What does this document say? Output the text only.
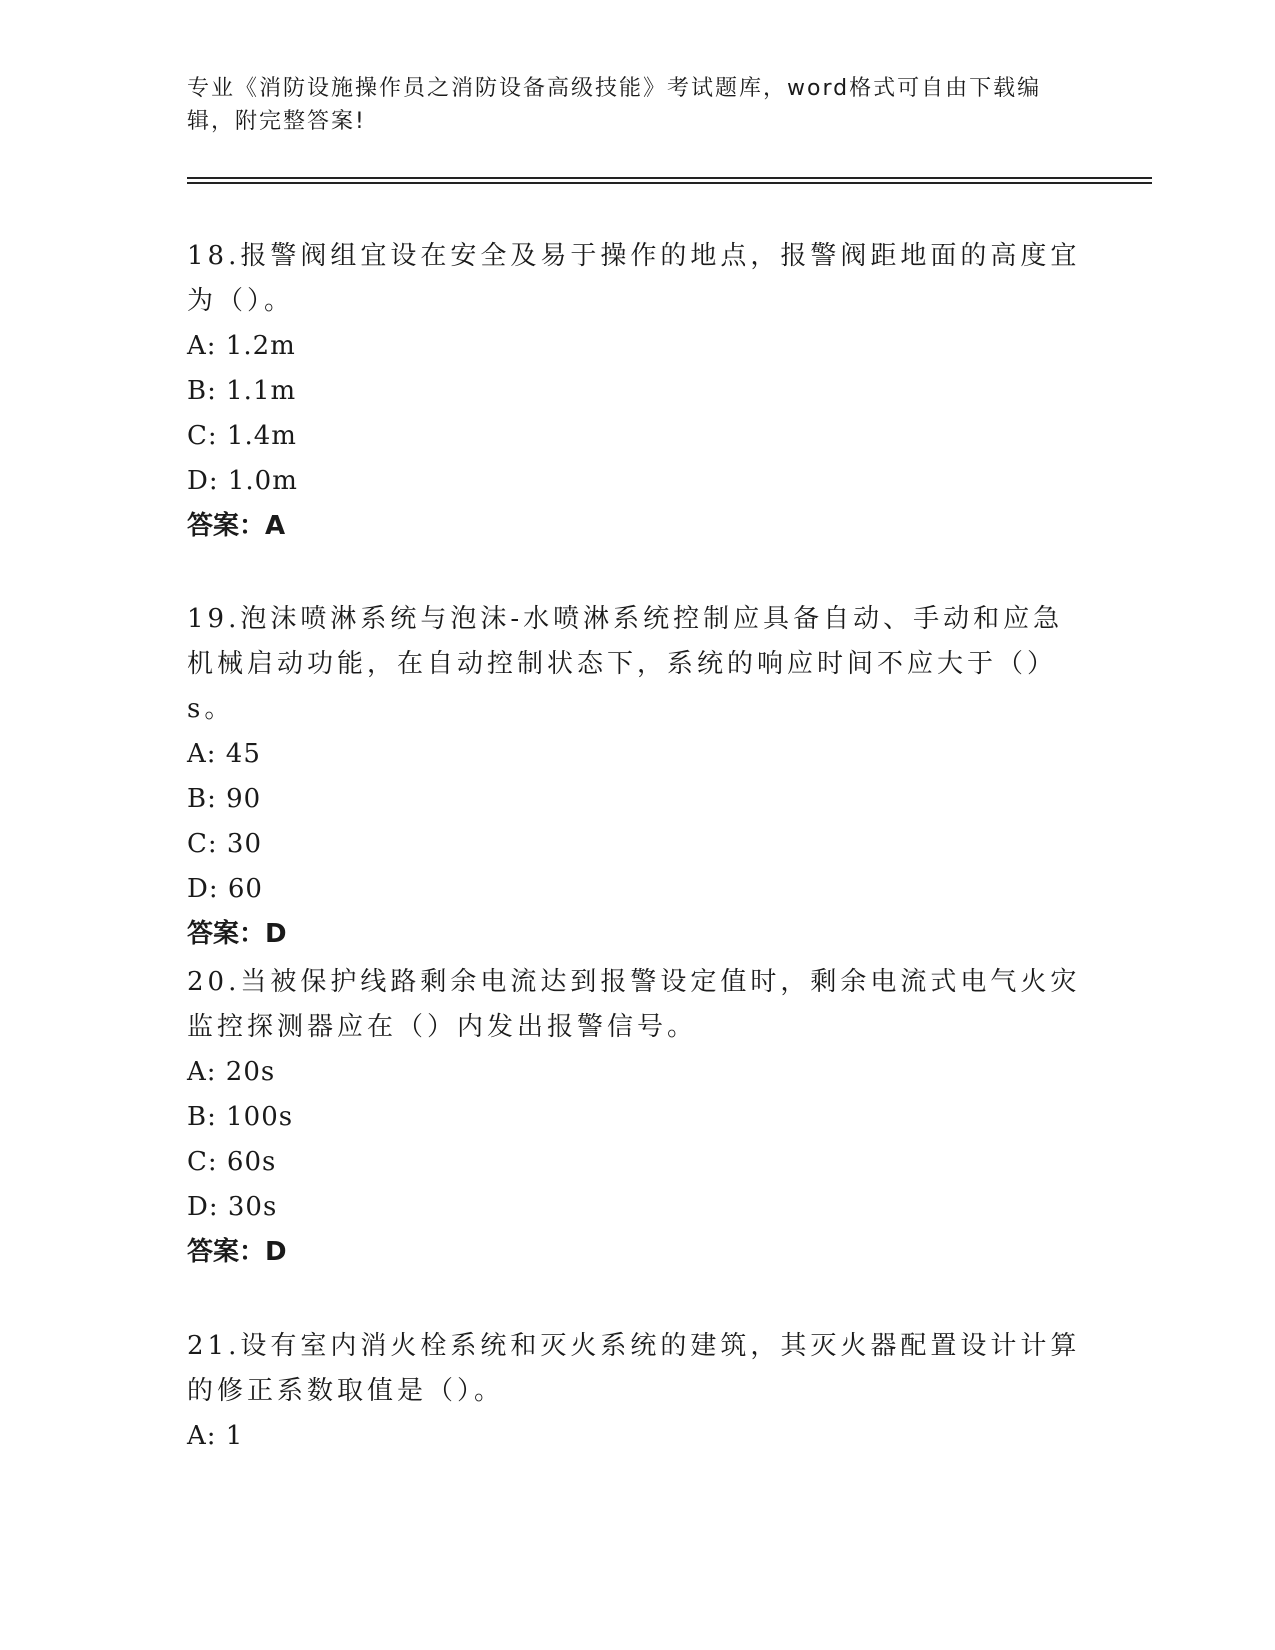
专业《消防设施操作员之消防设备高级技能》考试题库，word格式可自由下载编辑，附完整答案!

18.报警阀组宜设在安全及易于操作的地点，报警阀距地面的高度宜为（）。

A: 1.2m

B: 1.1m

C: 1.4m

D: 1.0m

答案：A

19.泡沫喷淋系统与泡沫-水喷淋系统控制应具备自动、手动和应急机械启动功能，在自动控制状态下，系统的响应时间不应大于（）s。

A: 45

B: 90

C: 30

D: 60

答案：D

20.当被保护线路剩余电流达到报警设定值时，剩余电流式电气火灾监控探测器应在（）内发出报警信号。

A: 20s

B: 100s

C: 60s

D: 30s

答案：D

21.设有室内消火栓系统和灭火系统的建筑，其灭火器配置设计计算的修正系数取值是（）。

A: 1
